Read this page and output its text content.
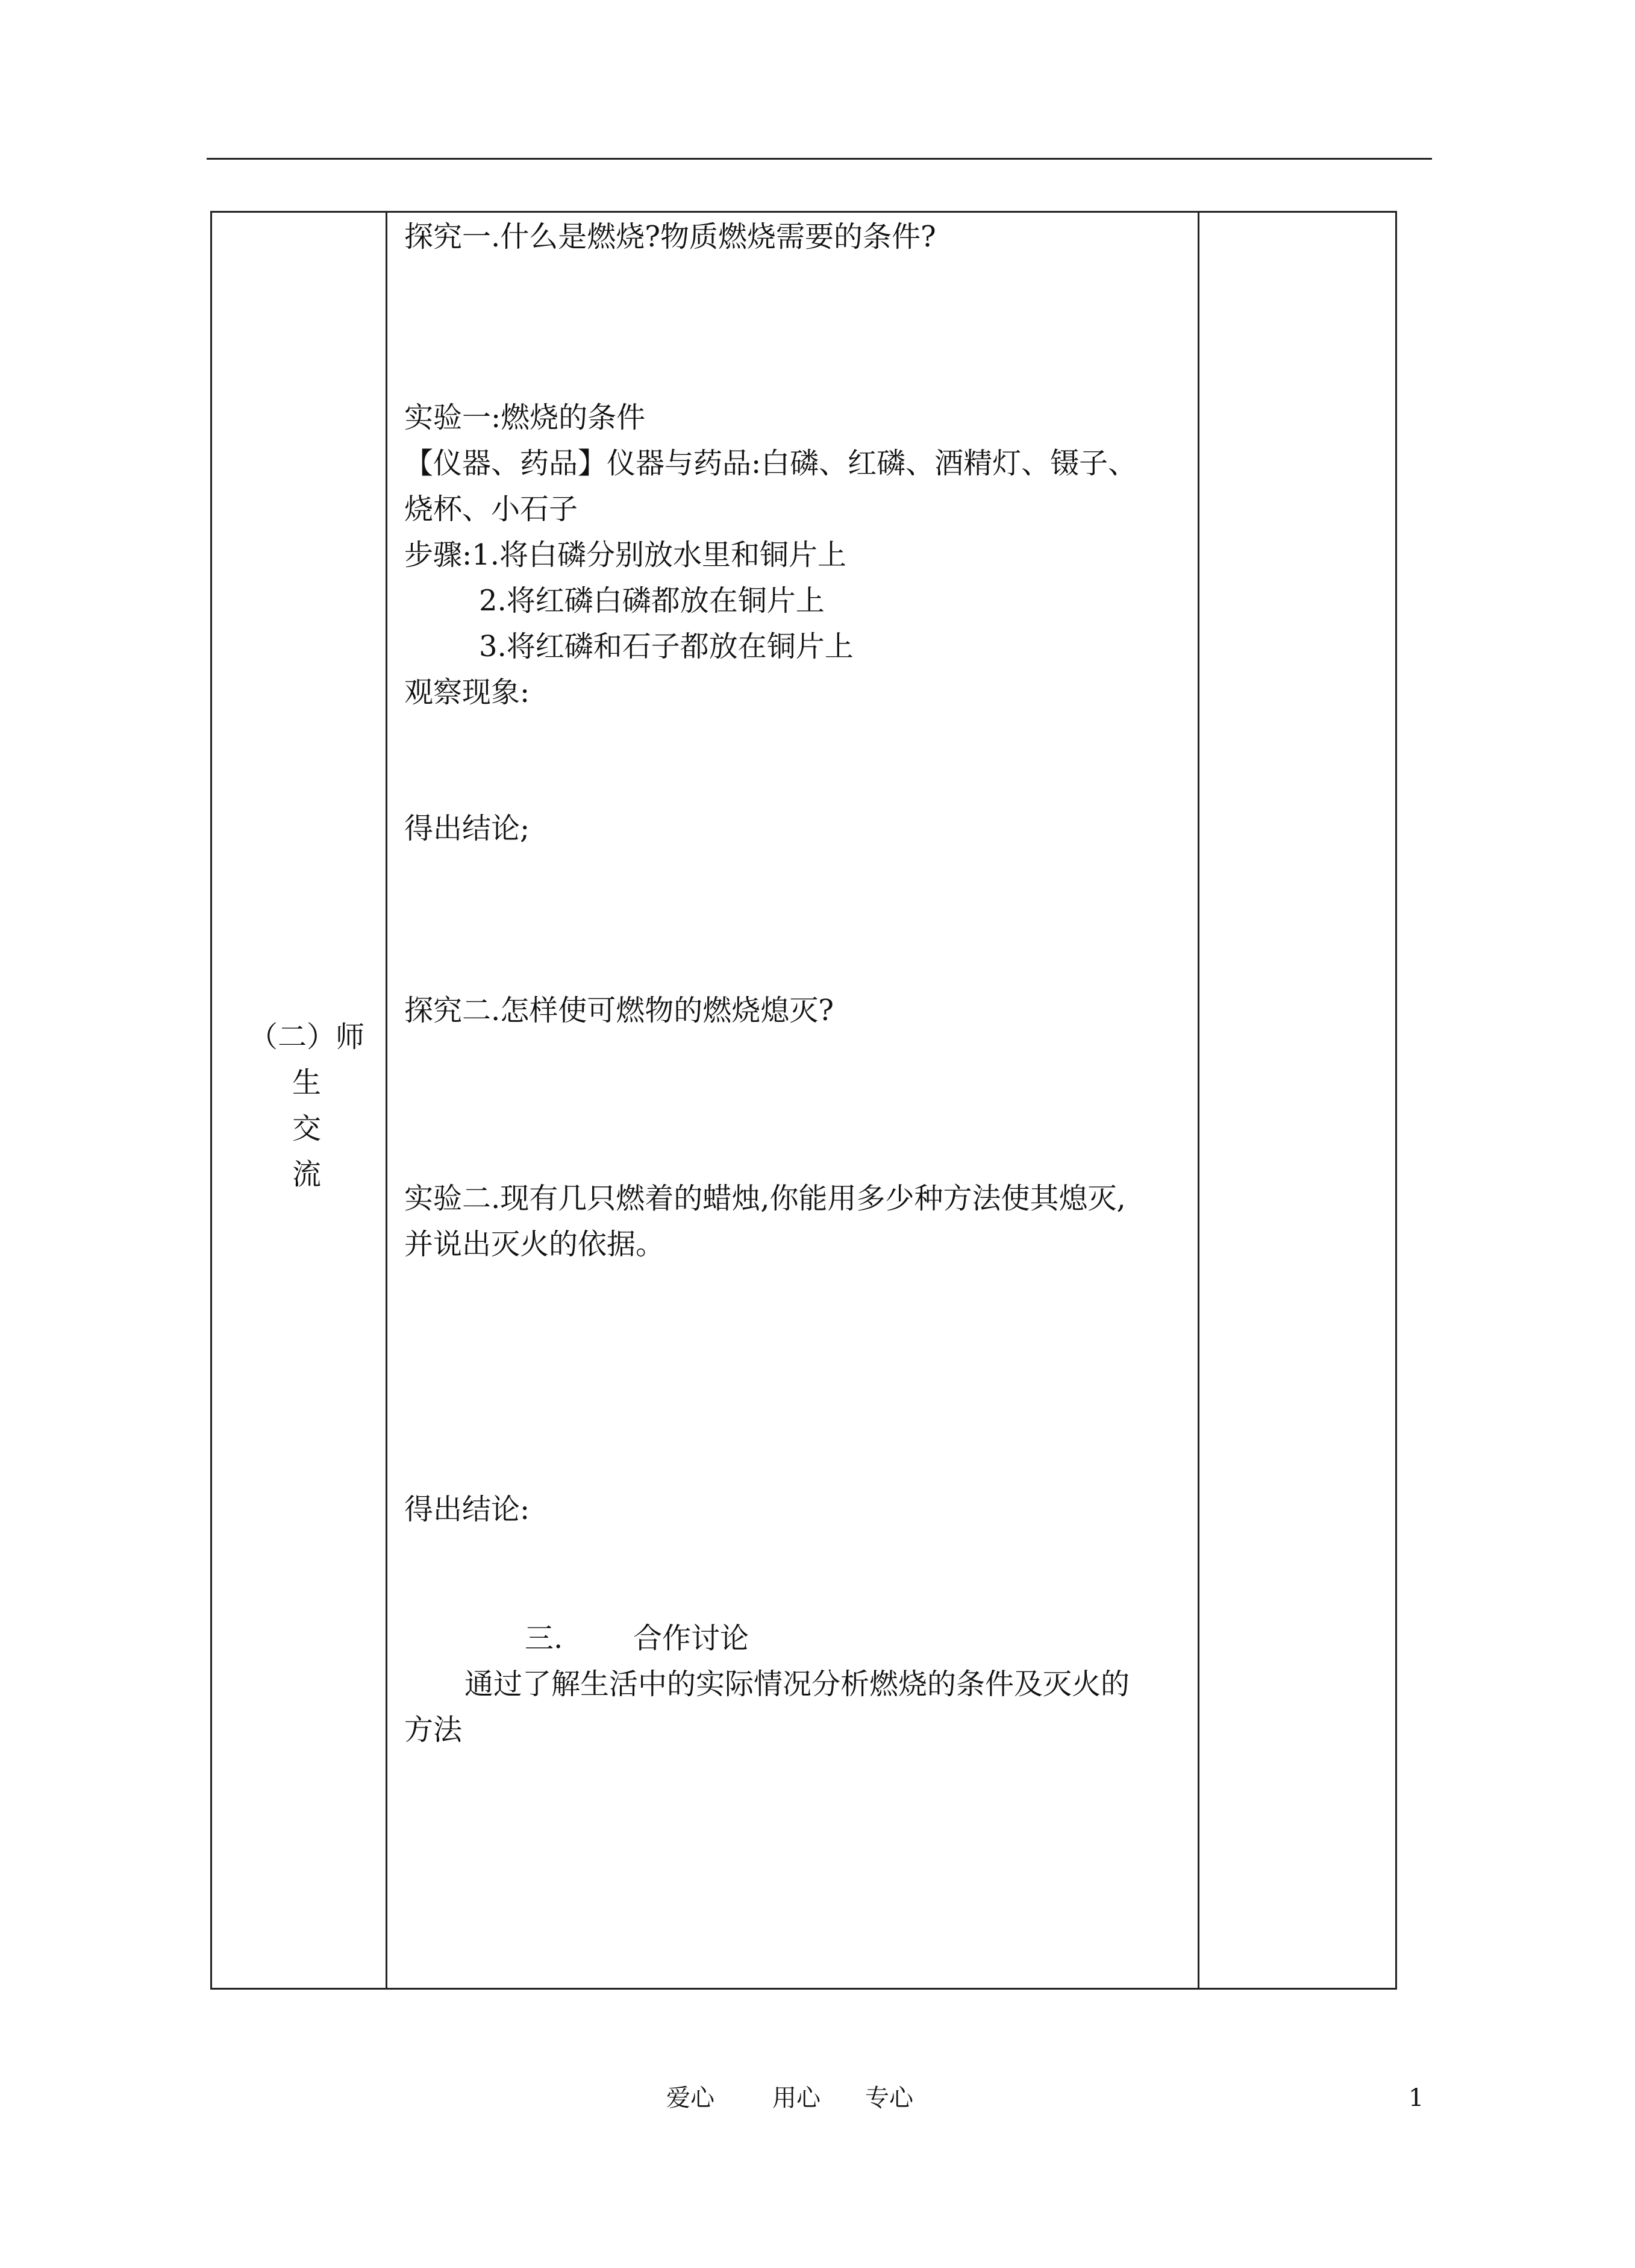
（二）师
生
交
流
探究一.什么是燃烧?物质燃烧需要的条件?
实验一:燃烧的条件
【仪器、药品】仪器与药品:白磷、红磷、酒精灯、镊子、
烧杯、小石子
步骤:1.将白磷分别放水里和铜片上
2.将红磷白磷都放在铜片上
3.将红磷和石子都放在铜片上
观察现象:
得出结论;
探究二.怎样使可燃物的燃烧熄灭?
实验二.现有几只燃着的蜡烛,你能用多少种方法使其熄灭,
并说出灭火的依据。
得出结论:
三. 合作讨论
通过了解生活中的实际情况分析燃烧的条件及灭火的
方法
爱心 用心 专心	1
